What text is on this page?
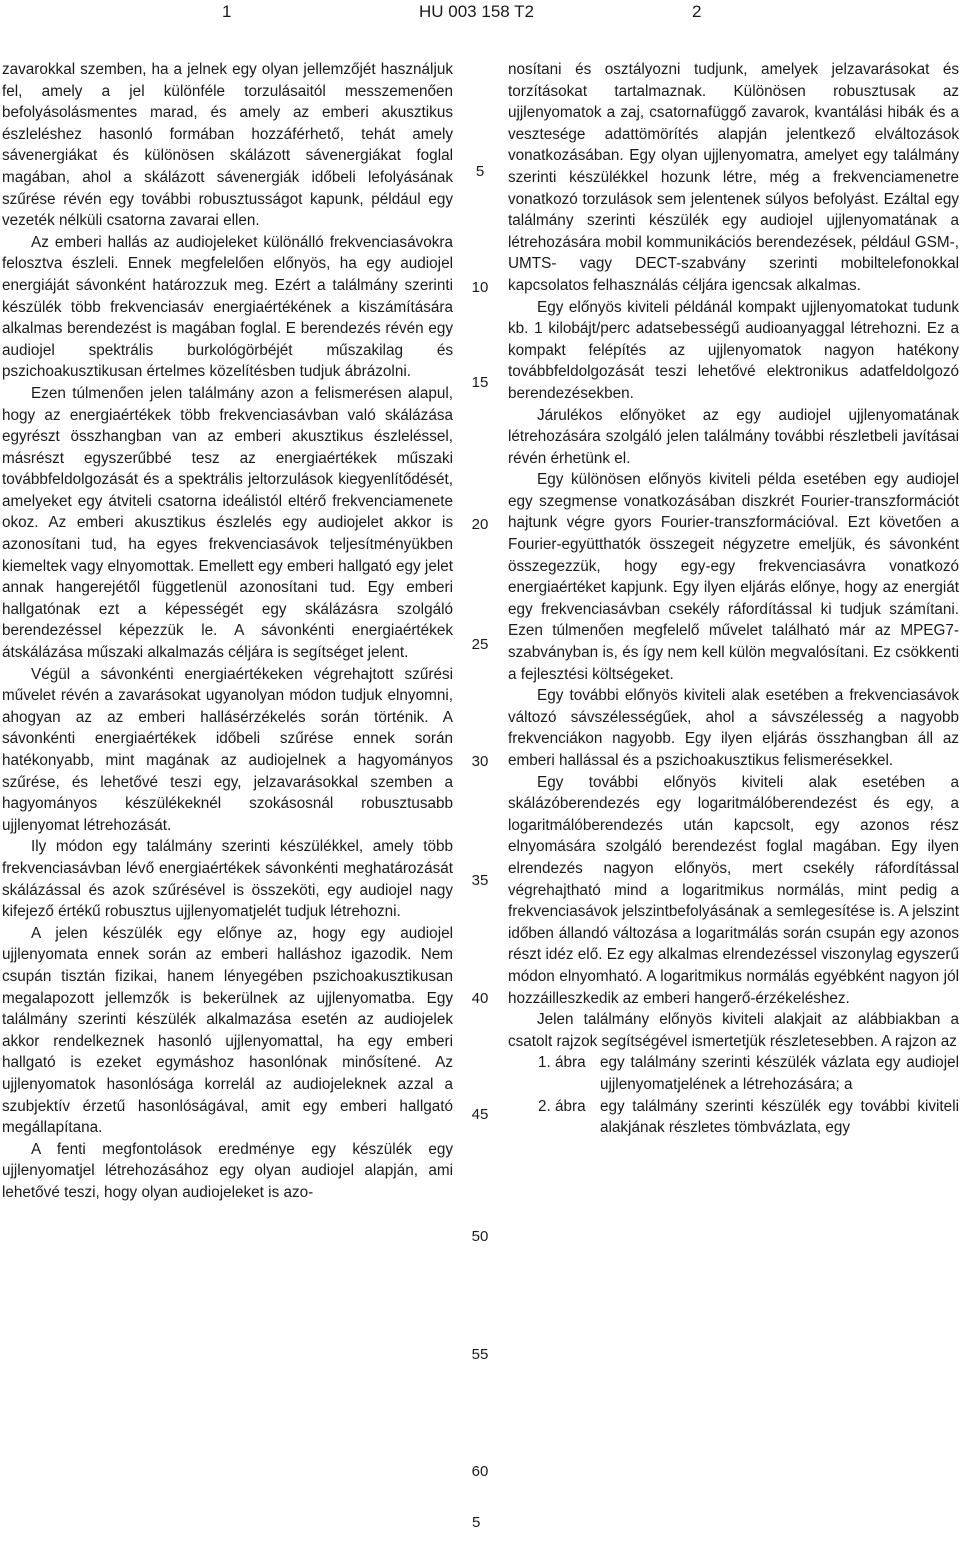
1	HU 003 158 T2	2

zavarokkal szemben, ha a jelnek egy olyan jellemzőjét használjuk fel, amely a jel különféle torzulásaitól messzemenően befolyásolásmentes marad, és amely az emberi akusztikus észleléshez hasonló formában hozzáférhető, tehát amely sávenergiákat és különösen skálázott sávenergiákat foglal magában, ahol a skálázott sávenergiák időbeli lefolyásának szűrése révén egy további robusztusságot kapunk, például egy vezeték nélküli csatorna zavarai ellen.

Az emberi hallás az audiojeleket különálló frekvenciasávokra felosztva észleli. Ennek megfelelően előnyös, ha egy audiojel energiáját sávonként határozzuk meg. Ezért a találmány szerinti készülék több frekvenciasáv energiaértékének a kiszámítására alkalmas berendezést is magában foglal. E berendezés révén egy audiojel spektrális burkológörbéjét műszakilag és pszichoakusztikusan értelmes közelítésben tudjuk ábrázolni.

Ezen túlmenően jelen találmány azon a felismerésen alapul, hogy az energiaértékek több frekvenciasávban való skálázása egyrészt összhangban van az emberi akusztikus észleléssel, másrészt egyszerűbbé tesz az energiaértékek műszaki továbbfeldolgozását és a spektrális jeltorzulások kiegyenlítődését, amelyeket egy átviteli csatorna ideálistól eltérő frekvenciamenete okoz. Az emberi akusztikus észlelés egy audiojelet akkor is azonosítani tud, ha egyes frekvenciasávok teljesítményükben kiemeltek vagy elnyomottak. Emellett egy emberi hallgató egy jelet annak hangerejétől függetlenül azonosítani tud. Egy emberi hallgatónak ezt a képességét egy skálázásra szolgáló berendezéssel képezzük le. A sávonkénti energiaértékek átskálázása műszaki alkalmazás céljára is segítséget jelent.

Végül a sávonkénti energiaértékeken végrehajtott szűrési művelet révén a zavarásokat ugyanolyan módon tudjuk elnyomni, ahogyan az az emberi hallásérzékelés során történik. A sávonkénti energiaértékek időbeli szűrése ennek során hatékonyabb, mint magának az audiojelnek a hagyományos szűrése, és lehetővé teszi egy, jelzavarásokkal szemben a hagyományos készülékeknél szokásosnál robusztusabb ujjlenyomat létrehozását.

Ily módon egy találmány szerinti készülékkel, amely több frekvenciasávban lévő energiaértékek sávonkénti meghatározását skálázással és azok szűrésével is összeköti, egy audiojel nagy kifejező értékű robusztus ujjlenyomatjelét tudjuk létrehozni.

A jelen készülék egy előnye az, hogy egy audiojel ujjlenyomata ennek során az emberi halláshoz igazodik. Nem csupán tisztán fizikai, hanem lényegében pszichoakusztikusan megalapozott jellemzők is bekerülnek az ujjlenyomatba. Egy találmány szerinti készülék alkalmazása esetén az audiojelek akkor rendelkeznek hasonló ujjlenyomattal, ha egy emberi hallgató is ezeket egymáshoz hasonlónak minősítené. Az ujjlenyomatok hasonlósága korrelál az audiojeleknek azzal a szubjektív érzetű hasonlóságával, amit egy emberi hallgató megállapítana.

A fenti megfontolások eredménye egy készülék egy ujjlenyomatjel létrehozásához egy olyan audiojel alapján, ami lehetővé teszi, hogy olyan audiojeleket is azo-

nosítani és osztályozni tudjunk, amelyek jelzavarásokat és torzításokat tartalmaznak. Különösen robusztusak az ujjlenyomatok a zaj, csatornafüggő zavarok, kvantálási hibák és a vesztesége adattömörítés alapján jelentkező elváltozások vonatkozásában. Egy olyan ujjlenyomatra, amelyet egy találmány szerinti készülékkel hozunk létre, még a frekvenciamenetre vonatkozó torzulások sem jelentenek súlyos befolyást. Ezáltal egy találmány szerinti készülék egy audiojel ujjlenyomatának a létrehozására mobil kommunikációs berendezések, például GSM-, UMTS- vagy DECT-szabvány szerinti mobiltelefonokkal kapcsolatos felhasználás céljára igencsak alkalmas.

Egy előnyös kiviteli példánál kompakt ujjlenyomatokat tudunk kb. 1 kilobájt/perc adatsebességű audioanyaggal létrehozni. Ez a kompakt felépítés az ujjlenyomatok nagyon hatékony továbbfeldolgozását teszi lehetővé elektronikus adatfeldolgozó berendezésekben.

Járulékos előnyöket az egy audiojel ujjlenyomatának létrehozására szolgáló jelen találmány további részletbeli javításai révén érhetünk el.

Egy különösen előnyös kiviteli példa esetében egy audiojel egy szegmense vonatkozásában diszkrét Fourier-transzformációt hajtunk végre gyors Fourier-transzformációval. Ezt követően a Fourier-együtthatók összegeit négyzetre emeljük, és sávonként összegezzük, hogy egy-egy frekvenciasávra vonatkozó energiaértéket kapjunk. Egy ilyen eljárás előnye, hogy az energiát egy frekvenciasávban csekély ráfordítással ki tudjuk számítani. Ezen túlmenően megfelelő művelet található már az MPEG7-szabványban is, és így nem kell külön megvalósítani. Ez csökkenti a fejlesztési költségeket.

Egy további előnyös kiviteli alak esetében a frekvenciasávok változó sávszélességűek, ahol a sávszélesség a nagyobb frekvenciákon nagyobb. Egy ilyen eljárás összhangban áll az emberi hallással és a pszichoakusztikus felismerésekkel.

Egy további előnyös kiviteli alak esetében a skálázóberendezés egy logaritmálóberendezést és egy, a logaritmálóberendezés után kapcsolt, egy azonos rész elnyomására szolgáló berendezést foglal magában. Egy ilyen elrendezés nagyon előnyös, mert csekély ráfordítással végrehajtható mind a logaritmikus normálás, mint pedig a frekvenciasávok jelszintbefolyásának a semlegesítése is. A jelszint időben állandó változása a logaritmálás során csupán egy azonos részt idéz elő. Ez egy alkalmas elrendezéssel viszonylag egyszerű módon elnyomható. A logaritmikus normálás egyébként nagyon jól hozzáilleszkedik az emberi hangerő-érzékeléshez.

Jelen találmány előnyös kiviteli alakjait az alábbiakban a csatolt rajzok segítségével ismertetjük részletesebben. A rajzon az

1. ábra egy találmány szerinti készülék vázlata egy audiojel ujjlenyomatjelének a létrehozására; a

2. ábra egy találmány szerinti készülék egy további kiviteli alakjának részletes tömbvázlata, egy

5
10
15
20
25
30
35
40
45
50
55
60
5
